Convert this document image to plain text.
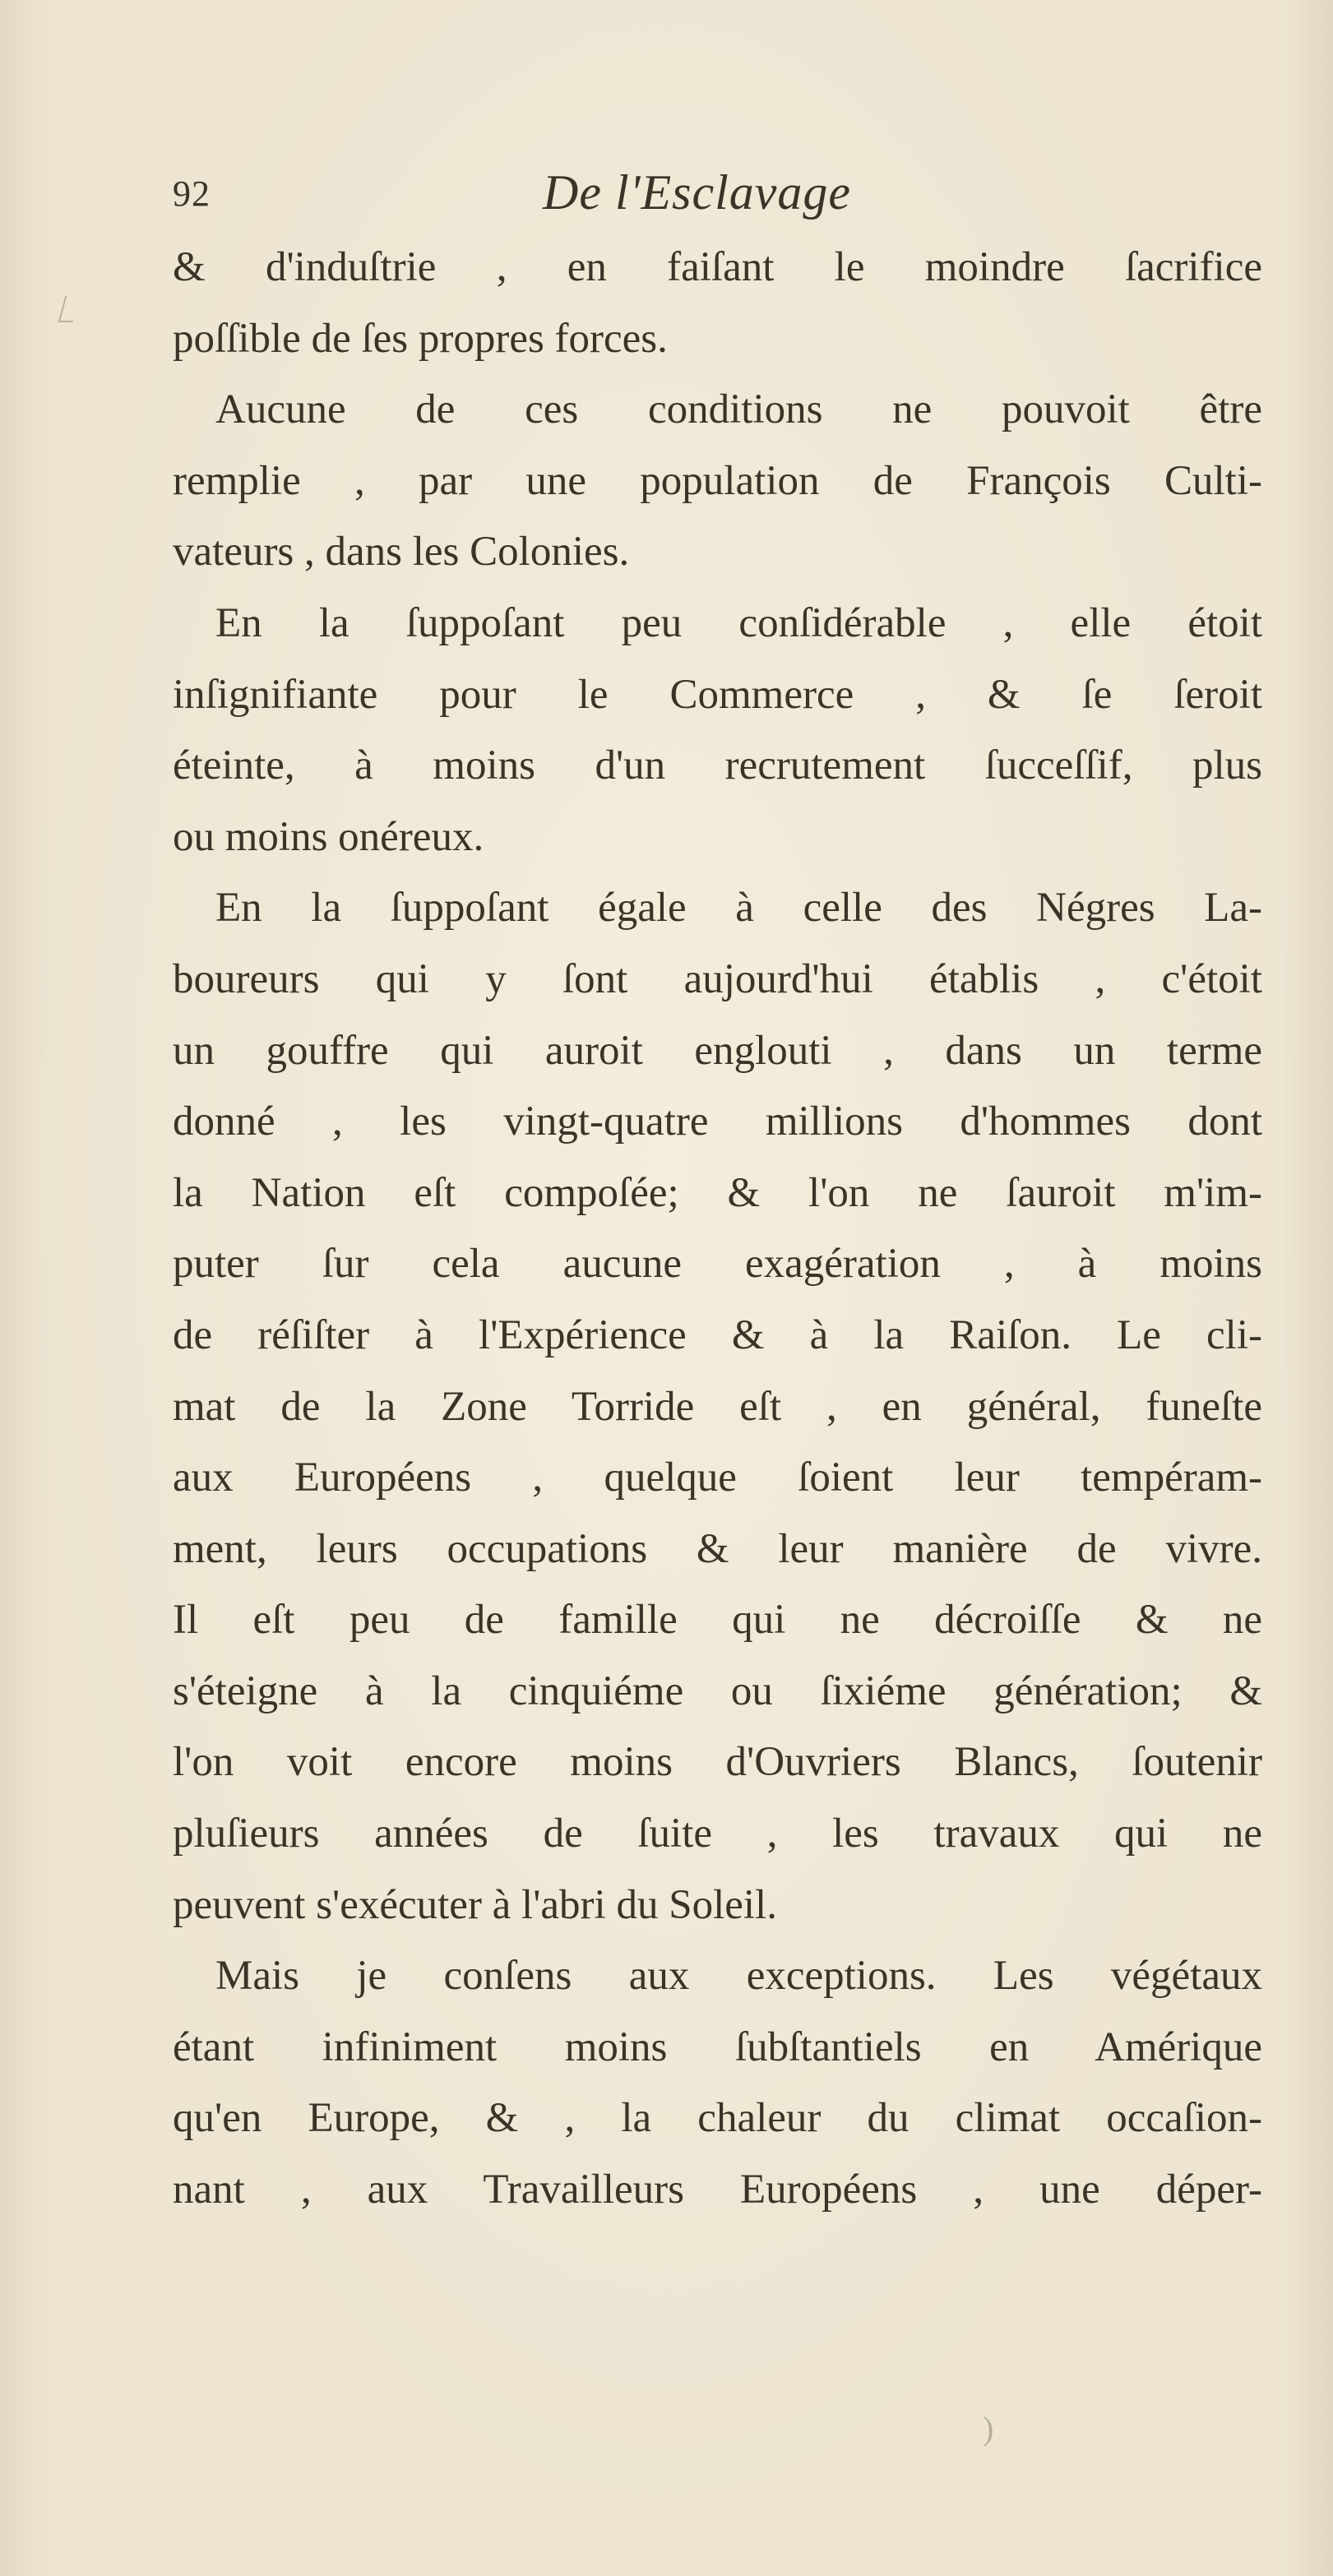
92	De l'Esclavage
& d'induſtrie , en faiſant le moindre ſacrifice
poſſible de ſes propres forces.
Aucune de ces conditions ne pouvoit être
remplie , par une population de François Culti-
vateurs , dans les Colonies.
En la ſuppoſant peu conſidérable , elle étoit
inſignifiante pour le Commerce , & ſe ſeroit
éteinte, à moins d'un recrutement ſucceſſif, plus
ou moins onéreux.
En la ſuppoſant égale à celle des Négres La-
boureurs qui y ſont aujourd'hui établis , c'étoit
un gouffre qui auroit englouti , dans un terme
donné , les vingt-quatre millions d'hommes dont
la Nation eſt compoſée; & l'on ne ſauroit m'im-
puter ſur cela aucune exagération , à moins
de réſiſter à l'Expérience & à la Raiſon. Le cli-
mat de la Zone Torride eſt , en général, funeſte
aux Européens , quelque ſoient leur tempéram-
ment, leurs occupations & leur manière de vivre.
Il eſt peu de famille qui ne décroiſſe & ne
s'éteigne à la cinquiéme ou ſixiéme génération; &
l'on voit encore moins d'Ouvriers Blancs, ſoutenir
pluſieurs années de ſuite , les travaux qui ne
peuvent s'exécuter à l'abri du Soleil.
Mais je conſens aux exceptions. Les végétaux
étant infiniment moins ſubſtantiels en Amérique
qu'en Europe, & , la chaleur du climat occaſion-
nant , aux Travailleurs Européens , une déper-
)
